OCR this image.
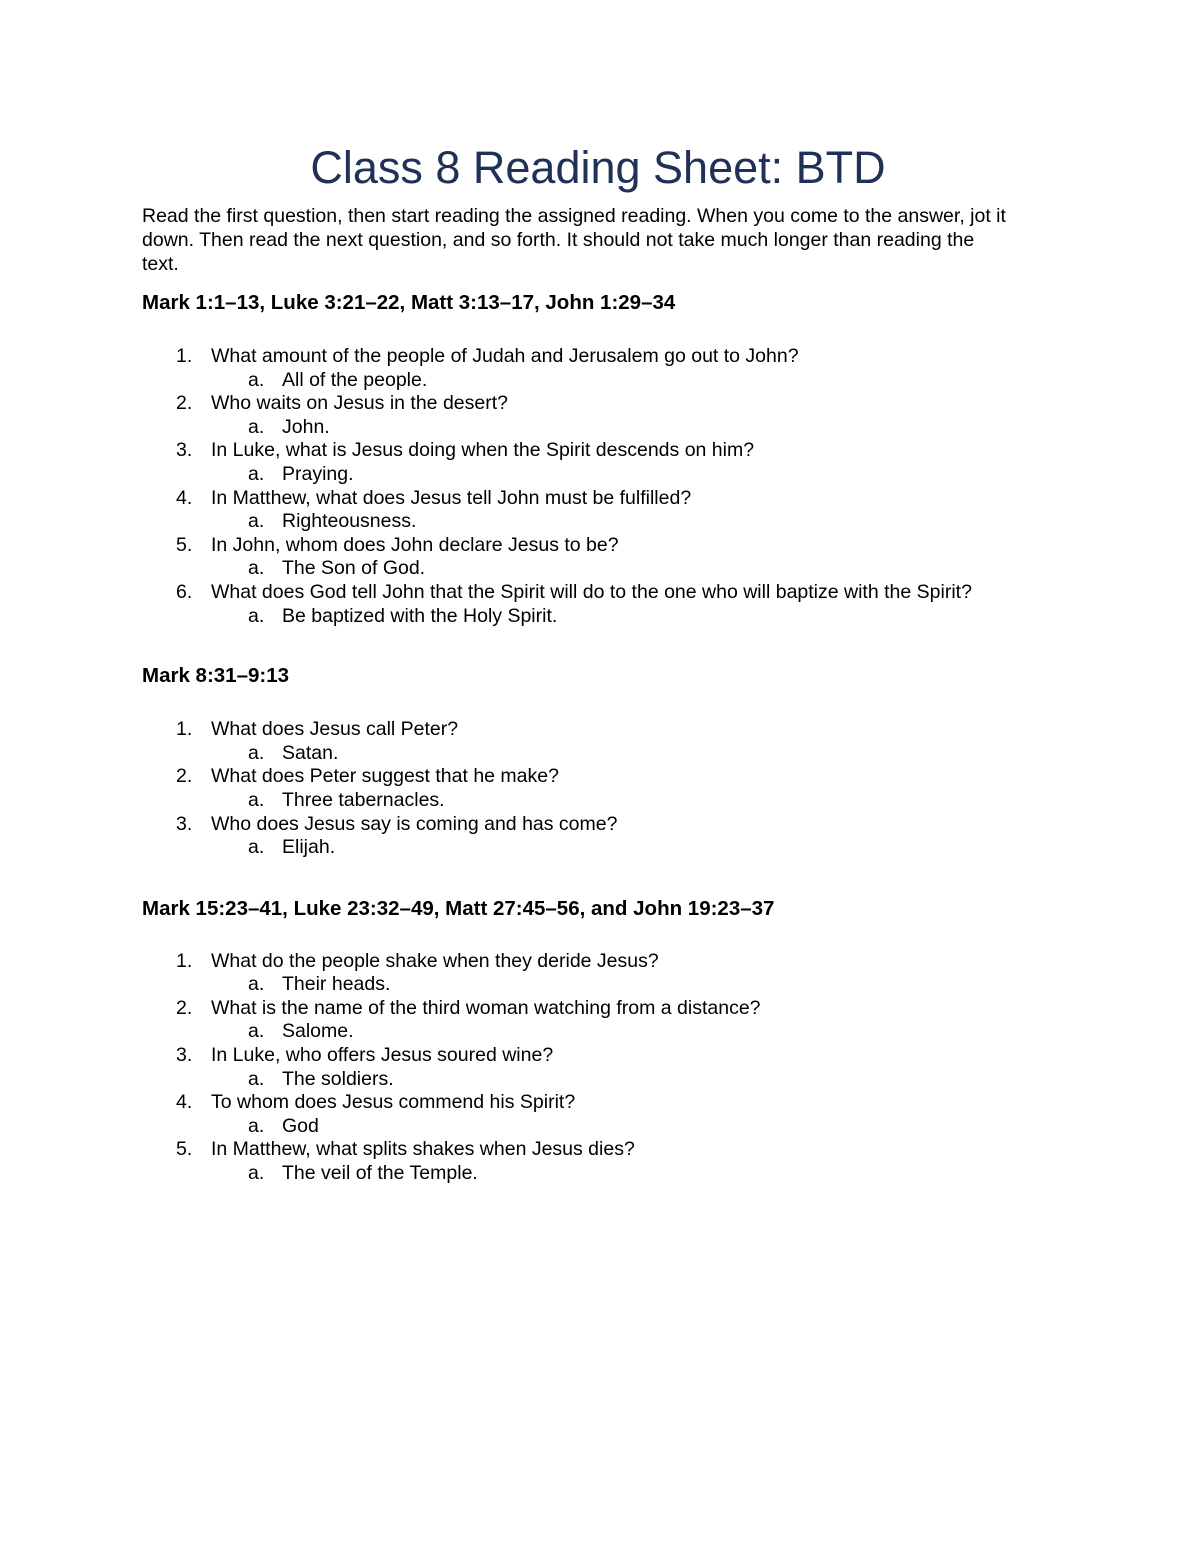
Class 8 Reading Sheet: BTD

Read the first question, then start reading the assigned reading. When you come to the answer, jot it
down. Then read the next question, and so forth. It should not take much longer than reading the
text.

Mark 1:1–13, Luke 3:21–22, Matt 3:13–17, John 1:29–34
1. What amount of the people of Judah and Jerusalem go out to John?
a. All of the people.
2. Who waits on Jesus in the desert?
a. John.
3. In Luke, what is Jesus doing when the Spirit descends on him?
a. Praying.
4. In Matthew, what does Jesus tell John must be fulfilled?
a. Righteousness.
5. In John, whom does John declare Jesus to be?
a. The Son of God.
6. What does God tell John that the Spirit will do to the one who will baptize with the Spirit?
a. Be baptized with the Holy Spirit.
Mark 8:31–9:13
1. What does Jesus call Peter?
a. Satan.
2. What does Peter suggest that he make?
a. Three tabernacles.
3. Who does Jesus say is coming and has come?
a. Elijah.
Mark 15:23–41, Luke 23:32–49, Matt 27:45–56, and John 19:23–37
1. What do the people shake when they deride Jesus?
a. Their heads.
2. What is the name of the third woman watching from a distance?
a. Salome.
3. In Luke, who offers Jesus soured wine?
a. The soldiers.
4. To whom does Jesus commend his Spirit?
a. God
5. In Matthew, what splits shakes when Jesus dies?
a. The veil of the Temple.
